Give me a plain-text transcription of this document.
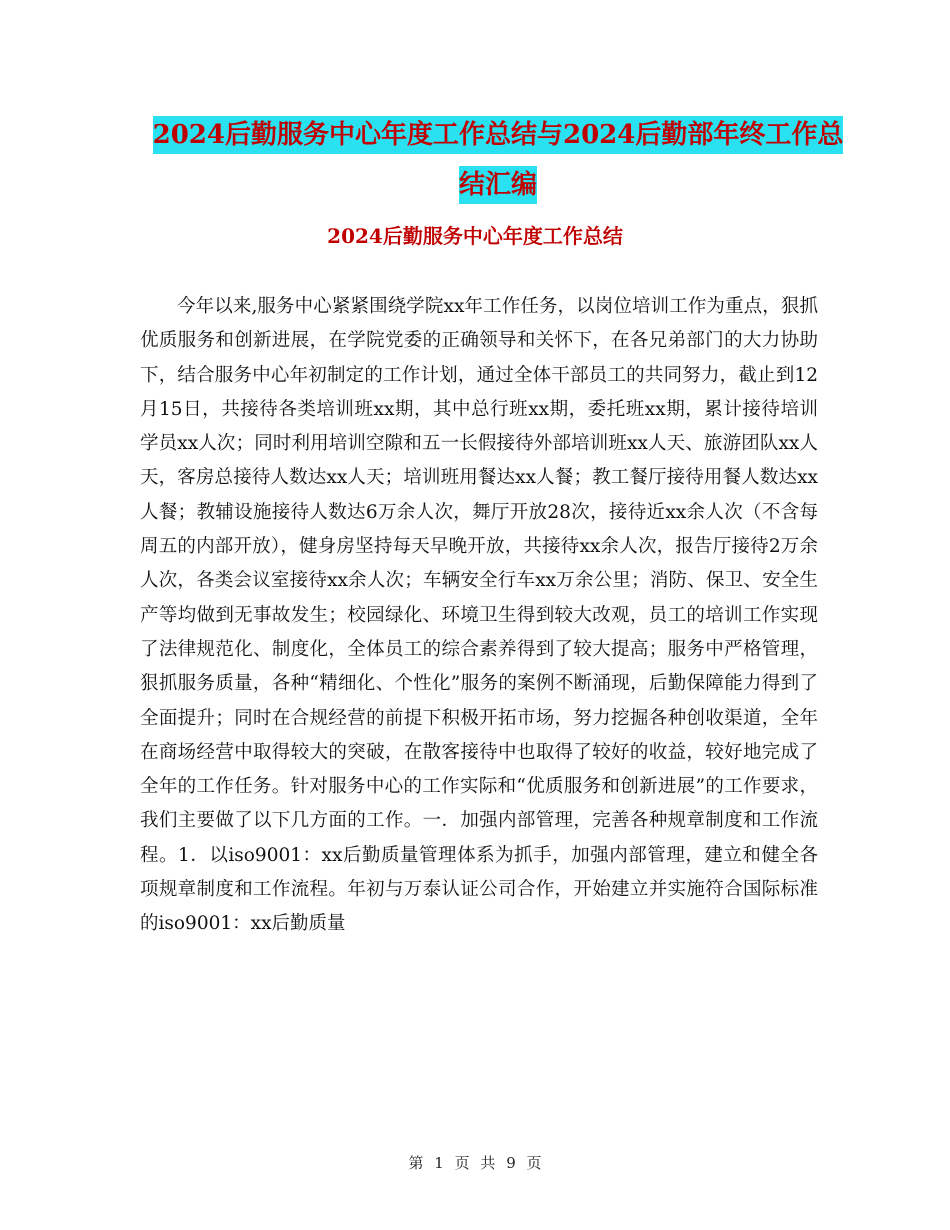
2024后勤服务中心年度工作总结与2024后勤部年终工作总结汇编
2024后勤服务中心年度工作总结

今年以来,服务中心紧紧围绕学院xx年工作任务，以岗位培训工作为重点，狠抓优质服务和创新进展，在学院党委的正确领导和关怀下，在各兄弟部门的大力协助下，结合服务中心年初制定的工作计划，通过全体干部员工的共同努力，截止到12月15日，共接待各类培训班xx期，其中总行班xx期，委托班xx期，累计接待培训学员xx人次；同时利用培训空隙和五一长假接待外部培训班xx人天、旅游团队xx人天，客房总接待人数达xx人天；培训班用餐达xx人餐；教工餐厅接待用餐人数达xx人餐；教辅设施接待人数达6万余人次，舞厅开放28次，接待近xx余人次（不含每周五的内部开放），健身房坚持每天早晚开放，共接待xx余人次，报告厅接待2万余人次，各类会议室接待xx余人次；车辆安全行车xx万余公里；消防、保卫、安全生产等均做到无事故发生；校园绿化、环境卫生得到较大改观，员工的培训工作实现了法律规范化、制度化，全体员工的综合素养得到了较大提高；服务中严格管理，狠抓服务质量，各种“精细化、个性化”服务的案例不断涌现，后勤保障能力得到了全面提升；同时在合规经营的前提下积极开拓市场，努力挖掘各种创收渠道，全年在商场经营中取得较大的突破，在散客接待中也取得了较好的收益，较好地完成了全年的工作任务。针对服务中心的工作实际和“优质服务和创新进展”的工作要求，我们主要做了以下几方面的工作。一．加强内部管理，完善各种规章制度和工作流程。1．以iso9001：xx后勤质量管理体系为抓手，加强内部管理，建立和健全各项规章制度和工作流程。年初与万泰认证公司合作，开始建立并实施符合国际标准的iso9001：xx后勤质量

第 1 页 共 9 页
